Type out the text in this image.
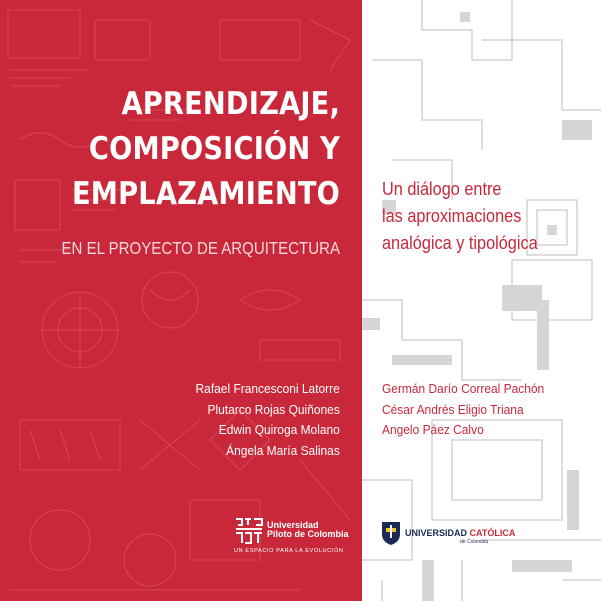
APRENDIZAJE,
COMPOSICIÓN Y
EMPLAZAMIENTO

EN EL PROYECTO DE ARQUITECTURA

Rafael Francesconi Latorre
Plutarco Rojas Quiñones
Edwin Quiroga Molano
Ángela María Salinas

Universidad
Piloto de Colombia

UN ESPACIO PARA LA EVOLUCIÓN

Un diálogo entre
las aproximaciones
analógica y tipológica

Germán Darío Correal Pachón
César Andrés Eligio Triana
Angelo Páez Calvo

UNIVERSIDAD CATÓLICA

de Colombia
